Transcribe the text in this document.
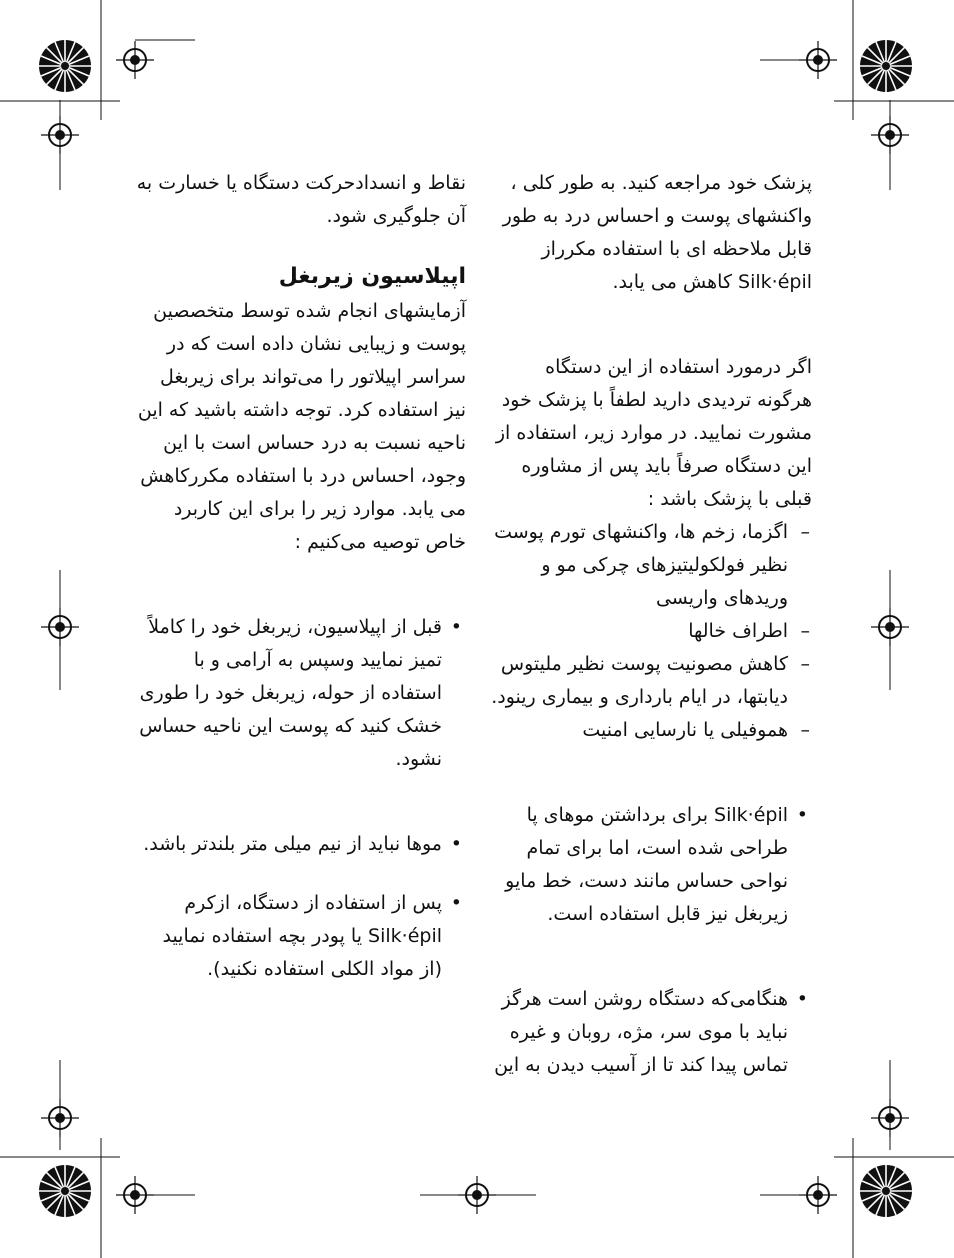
پزشک خود مراجعه کنید. به طور کلی ، واکنشهای پوست و احساس درد به طور قابل ملاحظه ای با استفاده مکرراز Silk·épil کاهش می یابد.

اگر درمورد استفاده از این دستگاه هرگونه تردیدی دارید لطفاً با پزشک خود مشورت نمایید. در موارد زیر، استفاده از این دستگاه صرفاً باید پس از مشاوره قبلی با پزشک باشد :

– اگزما، زخم ها، واکنشهای تورم پوست نظیر فولکولیتیزهای چرکی مو و وریدهای واریسی
– اطراف خالها
– کاهش مصونیت پوست نظیر ملیتوس دیابتها، در ایام بارداری و بیماری رینود.
– هموفیلی یا نارسایی امنیت
• Silk·épil برای برداشتن موهای پا طراحی شده است، اما برای تمام نواحی حساس مانند دست، خط مایو زیربغل نیز قابل استفاده است.
• هنگامی‌که دستگاه روشن است هرگز نباید با موی سر، مژه، روبان و غیره تماس پیدا کند تا از آسیب دیدن به این

نقاط و انسدادحرکت دستگاه یا خسارت به آن جلوگیری شود.

اپیلاسیون زیربغل

آزمایشهای انجام شده توسط متخصصین پوست و زیبایی نشان داده است که در سراسر اپیلاتور را می‌تواند برای زیربغل نیز استفاده کرد. توجه داشته باشید که این ناحیه نسبت به درد حساس است با این وجود، احساس درد با استفاده مکررکاهش می یابد. موارد زیر را برای این کاربرد خاص توصیه می‌کنیم :

• قبل از اپیلاسیون، زیربغل خود را کاملاً تمیز نمایید وسپس به آرامی و با استفاده از حوله، زیربغل خود را طوری خشک کنید که پوست این ناحیه حساس نشود.
• موها نباید از نیم میلی متر بلندتر باشد.
• پس از استفاده از دستگاه، ازکرم Silk·épil یا پودر بچه استفاده نمایید (از مواد الکلی استفاده نکنید).
